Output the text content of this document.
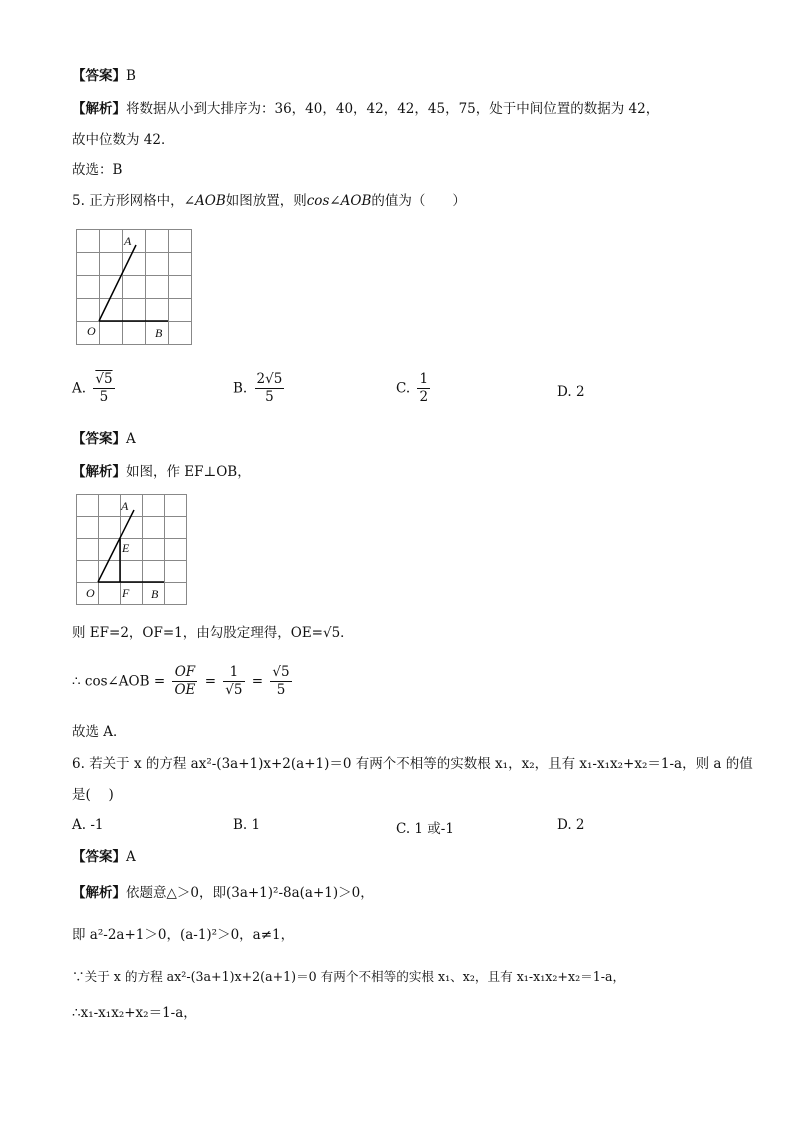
【答案】B
【解析】将数据从小到大排序为：36，40，40，42，42，45，75，处于中间位置的数据为 42，
故中位数为 42．
故选：B
5. 正方形网格中，∠AOB如图放置，则cos∠AOB的值为（　　）
A
O	B
A. $\frac{√5}{5}$	B. $\frac{2√5}{5}$	C. $\frac{1}{2}$	D. 2
【答案】A
【解析】如图，作 EF⊥OB，
A
E
O F B
则 EF=2，OF=1，由勾股定理得，OE=√5．
∴ cos∠AOB = $\frac{OF}{OE} = \frac{1}{√5} = \frac{√5}{5}$
故选 A．
6. 若关于 x 的方程 ax²-(3a+1)x+2(a+1)＝0 有两个不相等的实数根 x₁，x₂，且有 x₁-x₁x₂+x₂＝1-a，则 a 的值
是(　 )
A. -1	B. 1	C. 1 或-1	D. 2
【答案】A
【解析】依题意△＞0，即(3a+1)²-8a(a+1)＞0，
即 a²-2a+1＞0，(a-1)²＞0，a≠1，
∵关于 x 的方程 ax²-(3a+1)x+2(a+1)＝0 有两个不相等的实根 x₁、x₂，且有 x₁-x₁x₂+x₂＝1-a，
∴x₁-x₁x₂+x₂＝1-a，
